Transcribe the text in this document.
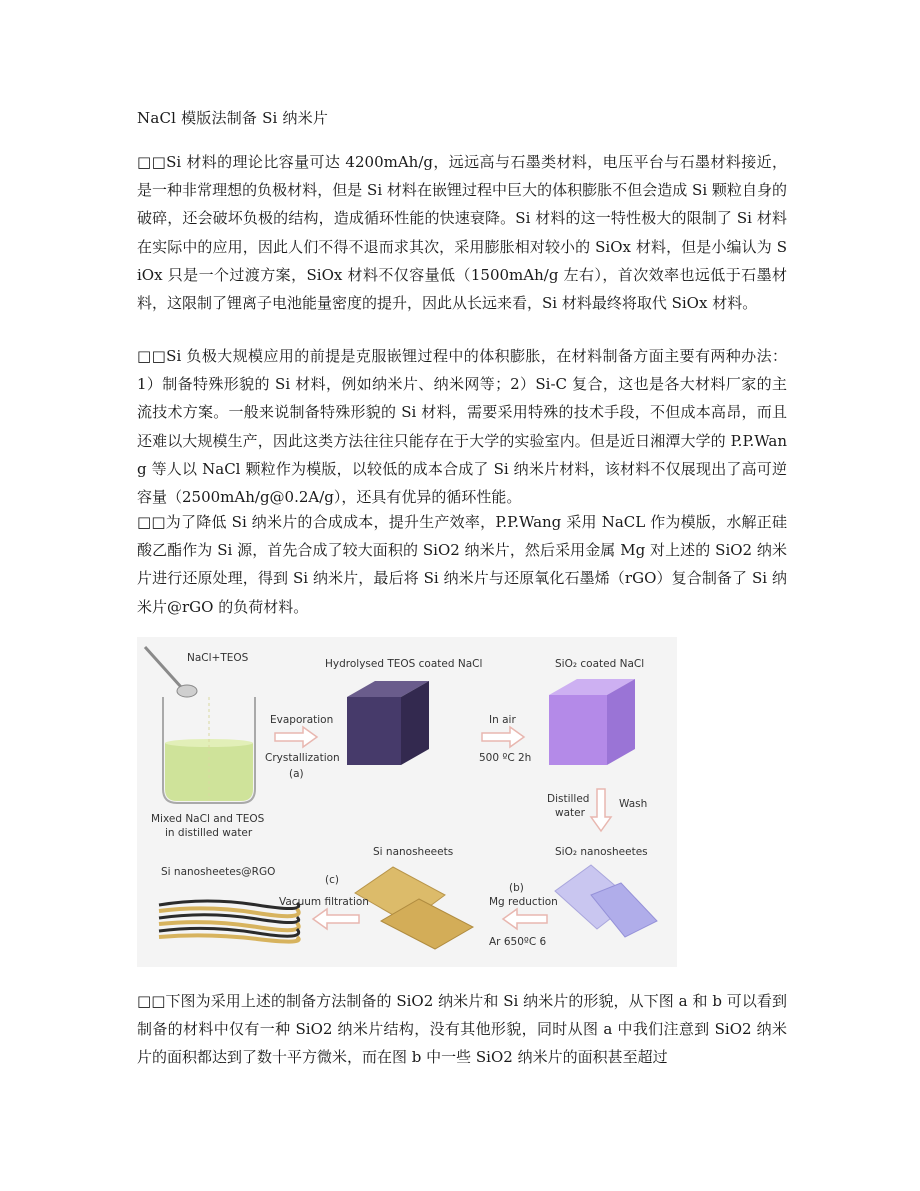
NaCl 模版法制备 Si 纳米片
□□Si 材料的理论比容量可达 4200mAh/g，远远高与石墨类材料，电压平台与石墨材料接近，是一种非常理想的负极材料，但是 Si 材料在嵌锂过程中巨大的体积膨胀不但会造成 Si 颗粒自身的破碎，还会破坏负极的结构，造成循环性能的快速衰降。Si 材料的这一特性极大的限制了 Si 材料在实际中的应用，因此人们不得不退而求其次，采用膨胀相对较小的 SiOx 材料，但是小编认为 SiOx 只是一个过渡方案，SiOx 材料不仅容量低（1500mAh/g 左右），首次效率也远低于石墨材料，这限制了锂离子电池能量密度的提升，因此从长远来看，Si 材料最终将取代 SiOx 材料。
□□Si 负极大规模应用的前提是克服嵌锂过程中的体积膨胀，在材料制备方面主要有两种办法：1）制备特殊形貌的 Si 材料，例如纳米片、纳米网等；2）Si-C 复合，这也是各大材料厂家的主流技术方案。一般来说制备特殊形貌的 Si 材料，需要采用特殊的技术手段，不但成本高昂，而且还难以大规模生产，因此这类方法往往只能存在于大学的实验室内。但是近日湘潭大学的 P.P.Wang 等人以 NaCl 颗粒作为模版，以较低的成本合成了 Si 纳米片材料，该材料不仅展现出了高可逆容量（2500mAh/g@0.2A/g），还具有优异的循环性能。
□□为了降低 Si 纳米片的合成成本，提升生产效率，P.P.Wang 采用 NaCL 作为模版，水解正硅酸乙酯作为 Si 源，首先合成了较大面积的 SiO2 纳米片，然后采用金属 Mg 对上述的 SiO2 纳米片进行还原处理，得到 Si 纳米片，最后将 Si 纳米片与还原氧化石墨烯（rGO）复合制备了 Si 纳米片@rGO 的负荷材料。
NaCl+TEOS
Mixed NaCl and TEOS
in distilled water
Evaporation
Crystallization
(a)
Hydrolysed TEOS coated NaCl
In air
500 ºC 2h
SiO₂ coated NaCl
Distilled
water
Wash
SiO₂ nanosheetes
(b)
Mg reduction
Ar 650ºC 6
Si nanosheeets
(c)
Vacuum filtration
Si nanosheetes@RGO
□□下图为采用上述的制备方法制备的 SiO2 纳米片和 Si 纳米片的形貌，从下图 a 和 b 可以看到制备的材料中仅有一种 SiO2 纳米片结构，没有其他形貌，同时从图 a 中我们注意到 SiO2 纳米片的面积都达到了数十平方微米，而在图 b 中一些 SiO2 纳米片的面积甚至超过
